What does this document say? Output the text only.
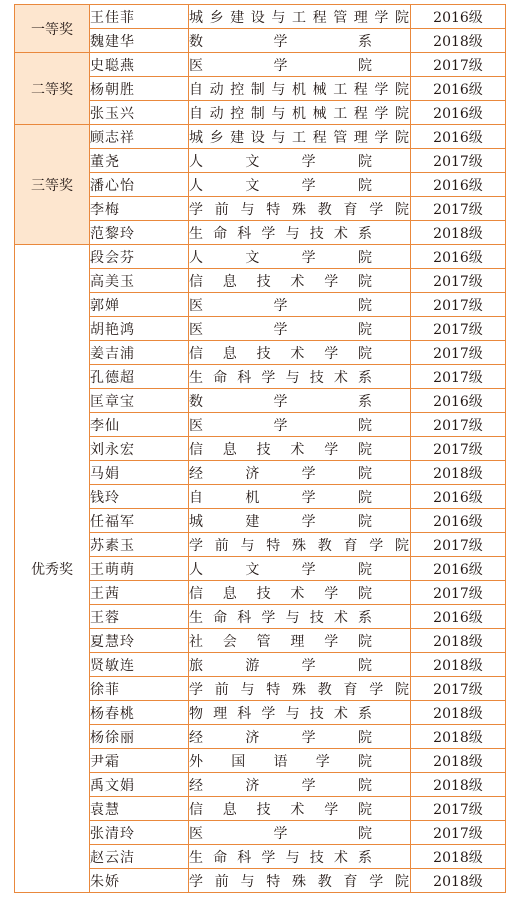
一等奖	王佳菲	城乡建设与工程管理学院	2016级
	魏建华	数学系	2018级
二等奖	史聪燕	医学院	2017级
	杨朝胜	自动控制与机械工程学院	2016级
	张玉兴	自动控制与机械工程学院	2016级
三等奖	顾志祥	城乡建设与工程管理学院	2016级
	董尧	人文学院	2017级
	潘心怡	人文学院	2016级
	李梅	学前与特殊教育学院	2017级
	范黎玲	生命科学与技术系	2018级
优秀奖	段会芬	人文学院	2016级
	高美玉	信息技术学院	2017级
	郭婵	医学院	2017级
	胡艳鸿	医学院	2017级
	姜吉浦	信息技术学院	2017级
	孔德超	生命科学与技术系	2017级
	匡章宝	数学系	2016级
	李仙	医学院	2017级
	刘永宏	信息技术学院	2017级
	马娟	经济学院	2018级
	钱玲	自机学院	2016级
	任福军	城建学院	2016级
	苏素玉	学前与特殊教育学院	2017级
	王萌萌	人文学院	2016级
	王茜	信息技术学院	2017级
	王蓉	生命科学与技术系	2016级
	夏慧玲	社会管理学院	2018级
	贤敏连	旅游学院	2018级
	徐菲	学前与特殊教育学院	2017级
	杨春桃	物理科学与技术系	2018级
	杨徐丽	经济学院	2018级
	尹霜	外国语学院	2018级
	禹文娟	经济学院	2018级
	袁慧	信息技术学院	2017级
	张清玲	医学院	2017级
	赵云洁	生命科学与技术系	2018级
	朱娇	学前与特殊教育学院	2018级
